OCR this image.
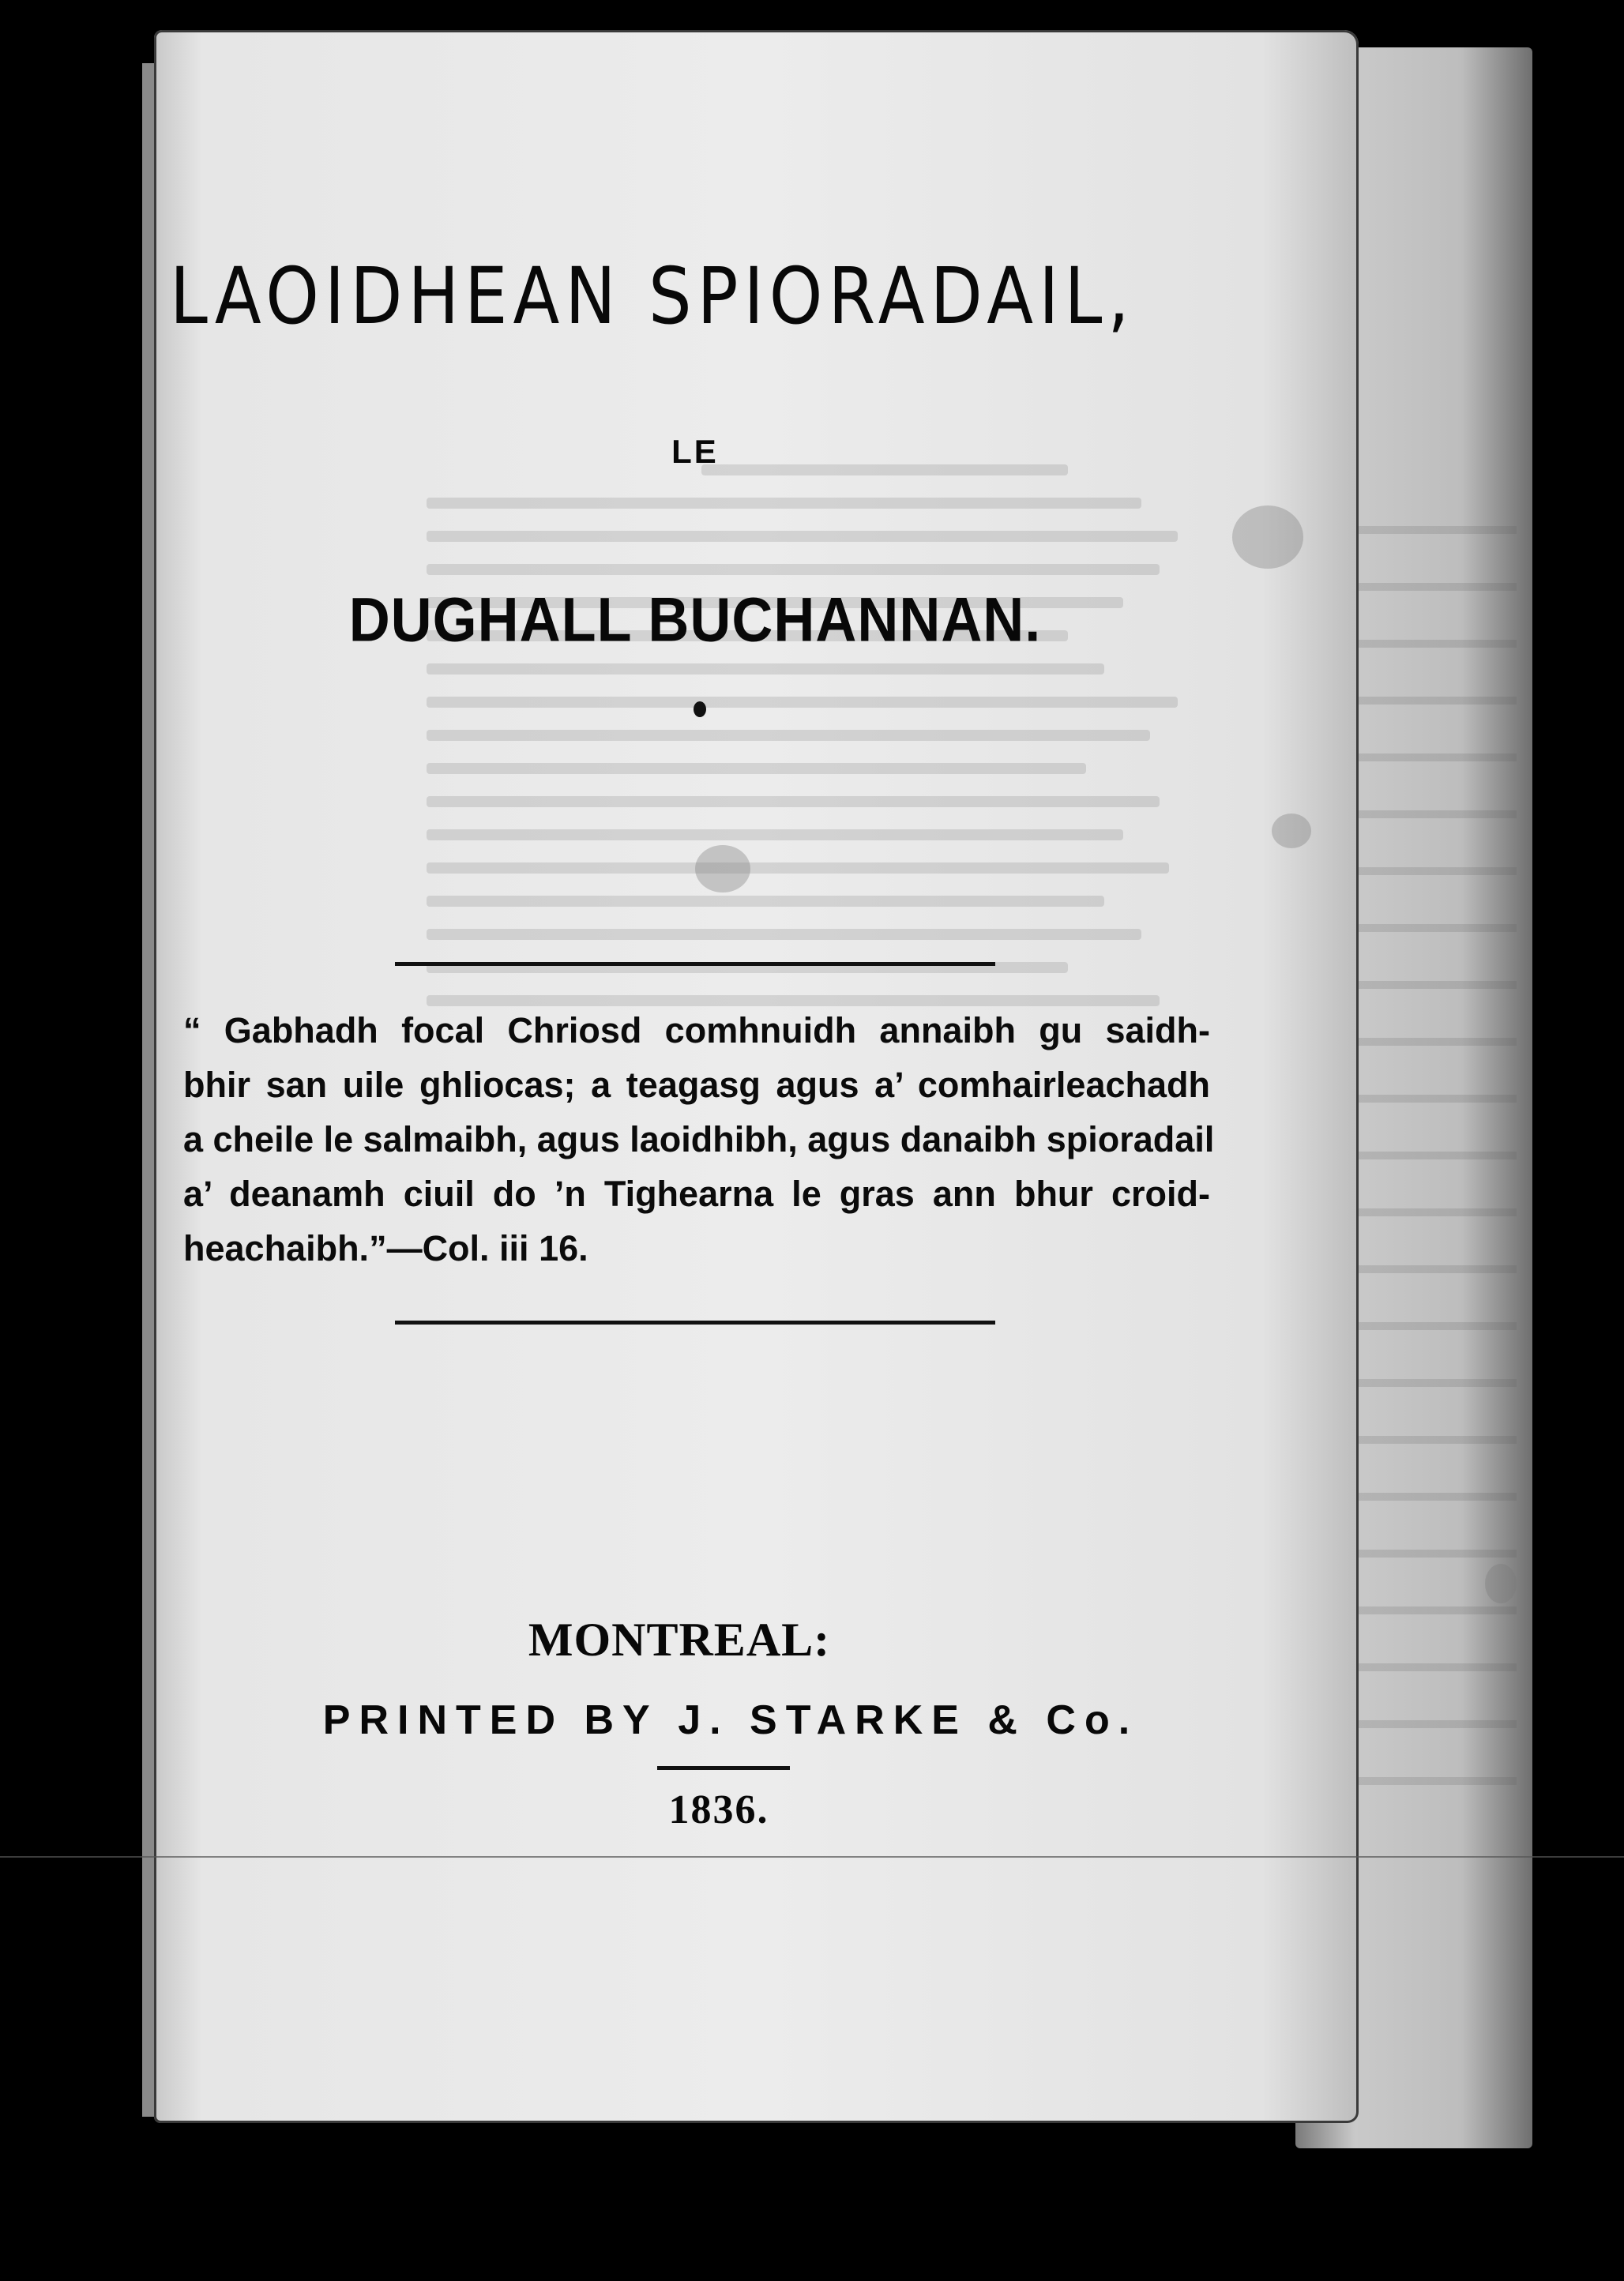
LAOIDHEAN SPIORADAIL,
LE
DUGHALL BUCHANNAN.
“ Gabhadh focal Chriosd comhnuidh annaibh gu saidh-
bhir san uile ghliocas; a teagasg agus a’ comhairleachadh
a cheile le salmaibh, agus laoidhibh, agus danaibh spioradail
a’ deanamh ciuil do ’n Tighearna le gras ann bhur croid-
heachaibh.”—Col. iii 16.
MONTREAL:
PRINTED BY J. STARKE & Co.
1836.
